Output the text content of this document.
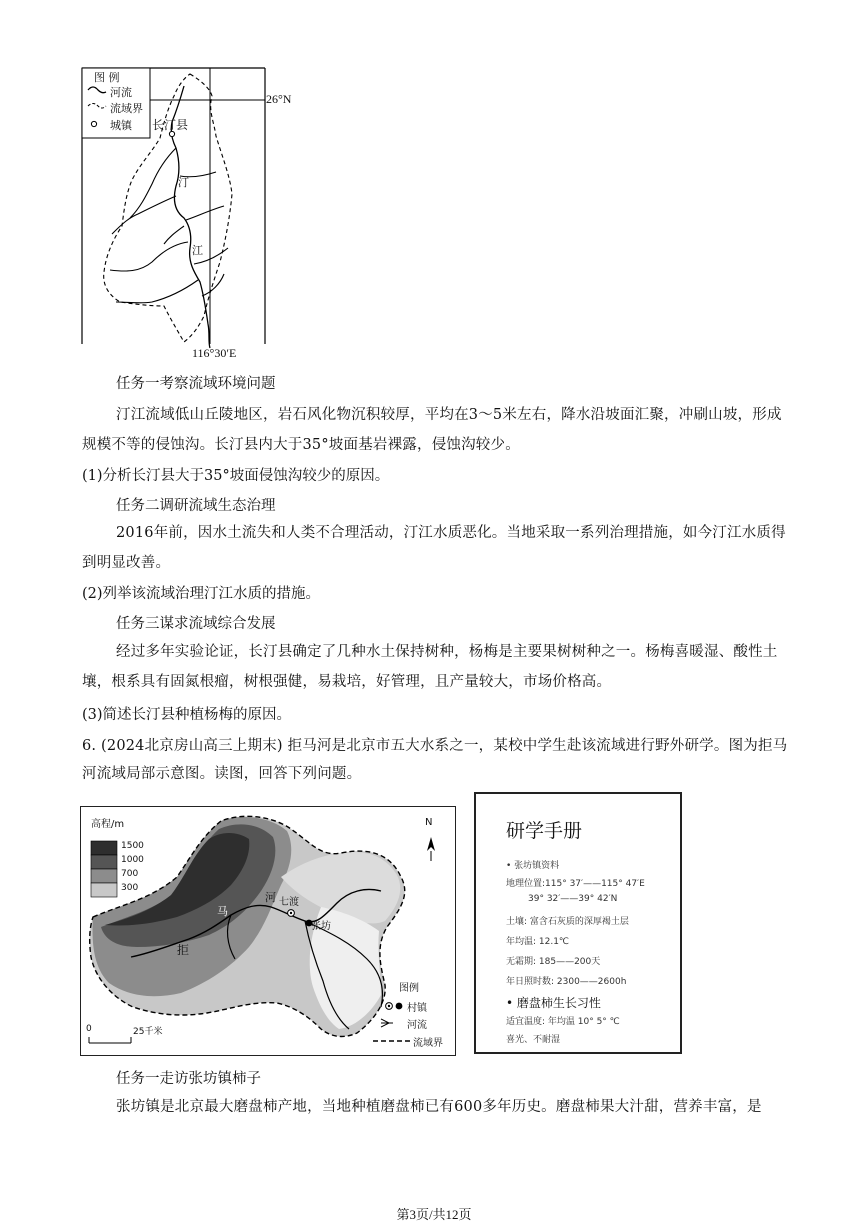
图 例
河流
流域界
城镇 长汀县
汀
江
26°N
116°30′E
任务一考察流域环境问题
汀江流域低山丘陵地区，岩石风化物沉积较厚，平均在3～5米左右，降水沿坡面汇聚，冲刷山坡，形成规模不等的侵蚀沟。长汀县内大于35°坡面基岩裸露，侵蚀沟较少。
(1)分析长汀县大于35°坡面侵蚀沟较少的原因。
任务二调研流域生态治理
2016年前，因水土流失和人类不合理活动，汀江水质恶化。当地采取一系列治理措施，如今汀江水质得到明显改善。
(2)列举该流域治理汀江水质的措施。
任务三谋求流域综合发展
经过多年实验论证，长汀县确定了几种水土保持树种，杨梅是主要果树树种之一。杨梅喜暖湿、酸性土壤，根系具有固氮根瘤，树根强健，易栽培，好管理，且产量较大，市场价格高。
(3)简述长汀县种植杨梅的原因。
6. (2024北京房山高三上期末) 拒马河是北京市五大水系之一，某校中学生赴该流域进行野外研学。图为拒马河流域局部示意图。读图，回答下列问题。
高程/m
1500
1000
700
300
N
七渡
张坊
拒
马
河
图例
村镇
河流
流域界
0	25千米
研学手册
• 张坊镇资料
地理位置:115° 37′——115° 47′E
39° 32′——39° 42′N
土壤: 富含石灰质的深厚褐土层
年均温: 12.1℃
无霜期: 185——200天
年日照时数: 2300——2600h
• 磨盘柿生长习性
适宜温度: 年均温 10° 5° ℃
喜光、不耐湿
任务一走访张坊镇柿子
张坊镇是北京最大磨盘柿产地，当地种植磨盘柿已有600多年历史。磨盘柿果大汁甜，营养丰富，是
第3页/共12页
